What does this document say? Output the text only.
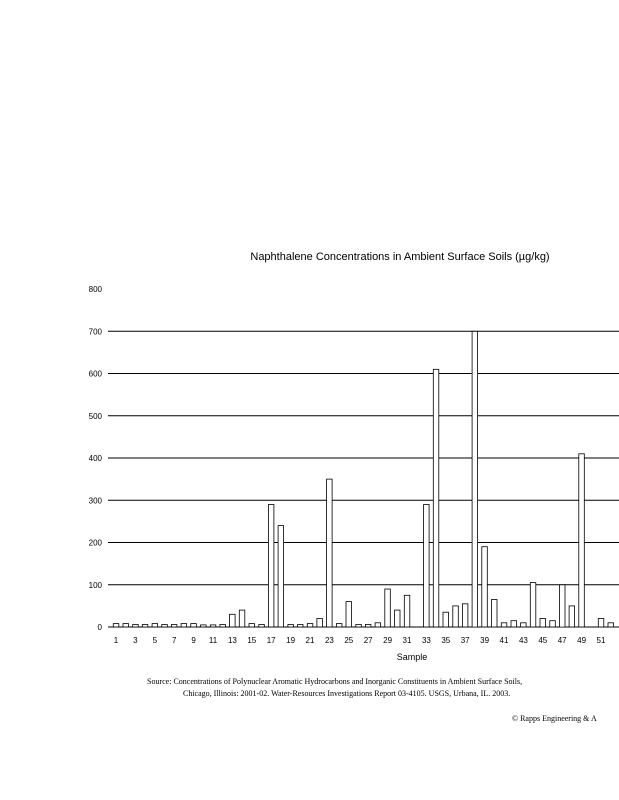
Naphthalene Concentrations in Ambient Surface Soils (µg/kg)
0
100
200
300
400
500
600
700
800
1 3 5 7 9 11 13 15 17 19 21 23 25 27 29 31 33 35 37 39 41 43 45 47 49 51
Sample
Source: Concentrations of Polynuclear Aromatic Hydrocarbons and Inorganic Constituents in Ambient Surface Soils,
Chicago, Illinois: 2001-02. Water-Resources Investigations Report 03-4105. USGS, Urbana, IL. 2003.
© Rapps Engineering & A
